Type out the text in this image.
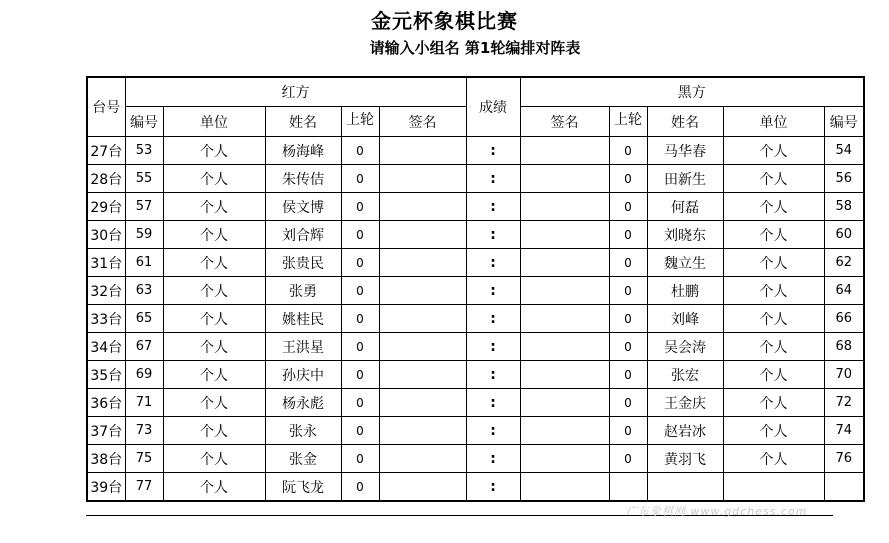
金元杯象棋比赛
请输入小组名 第1轮编排对阵表
台号	红方					成绩	黑方				
	编号	单位	姓名	上轮	签名		签名	上轮	姓名	单位	编号
27台	53	个人	杨海峰	0		:		0	马华春	个人	54
28台	55	个人	朱传佶	0		:		0	田新生	个人	56
29台	57	个人	侯文博	0		:		0	何磊	个人	58
30台	59	个人	刘合辉	0		:		0	刘晓东	个人	60
31台	61	个人	张贵民	0		:		0	魏立生	个人	62
32台	63	个人	张勇	0		:		0	杜鹏	个人	64
33台	65	个人	姚桂民	0		:		0	刘峰	个人	66
34台	67	个人	王洪星	0		:		0	吴会涛	个人	68
35台	69	个人	孙庆中	0		:		0	张宏	个人	70
36台	71	个人	杨永彪	0		:		0	王金庆	个人	72
37台	73	个人	张永	0		:		0	赵岩冰	个人	74
38台	75	个人	张金	0		:		0	黄羽飞	个人	76
39台	77	个人	阮飞龙	0		:					
广东象棋网 www.gdchess.com
